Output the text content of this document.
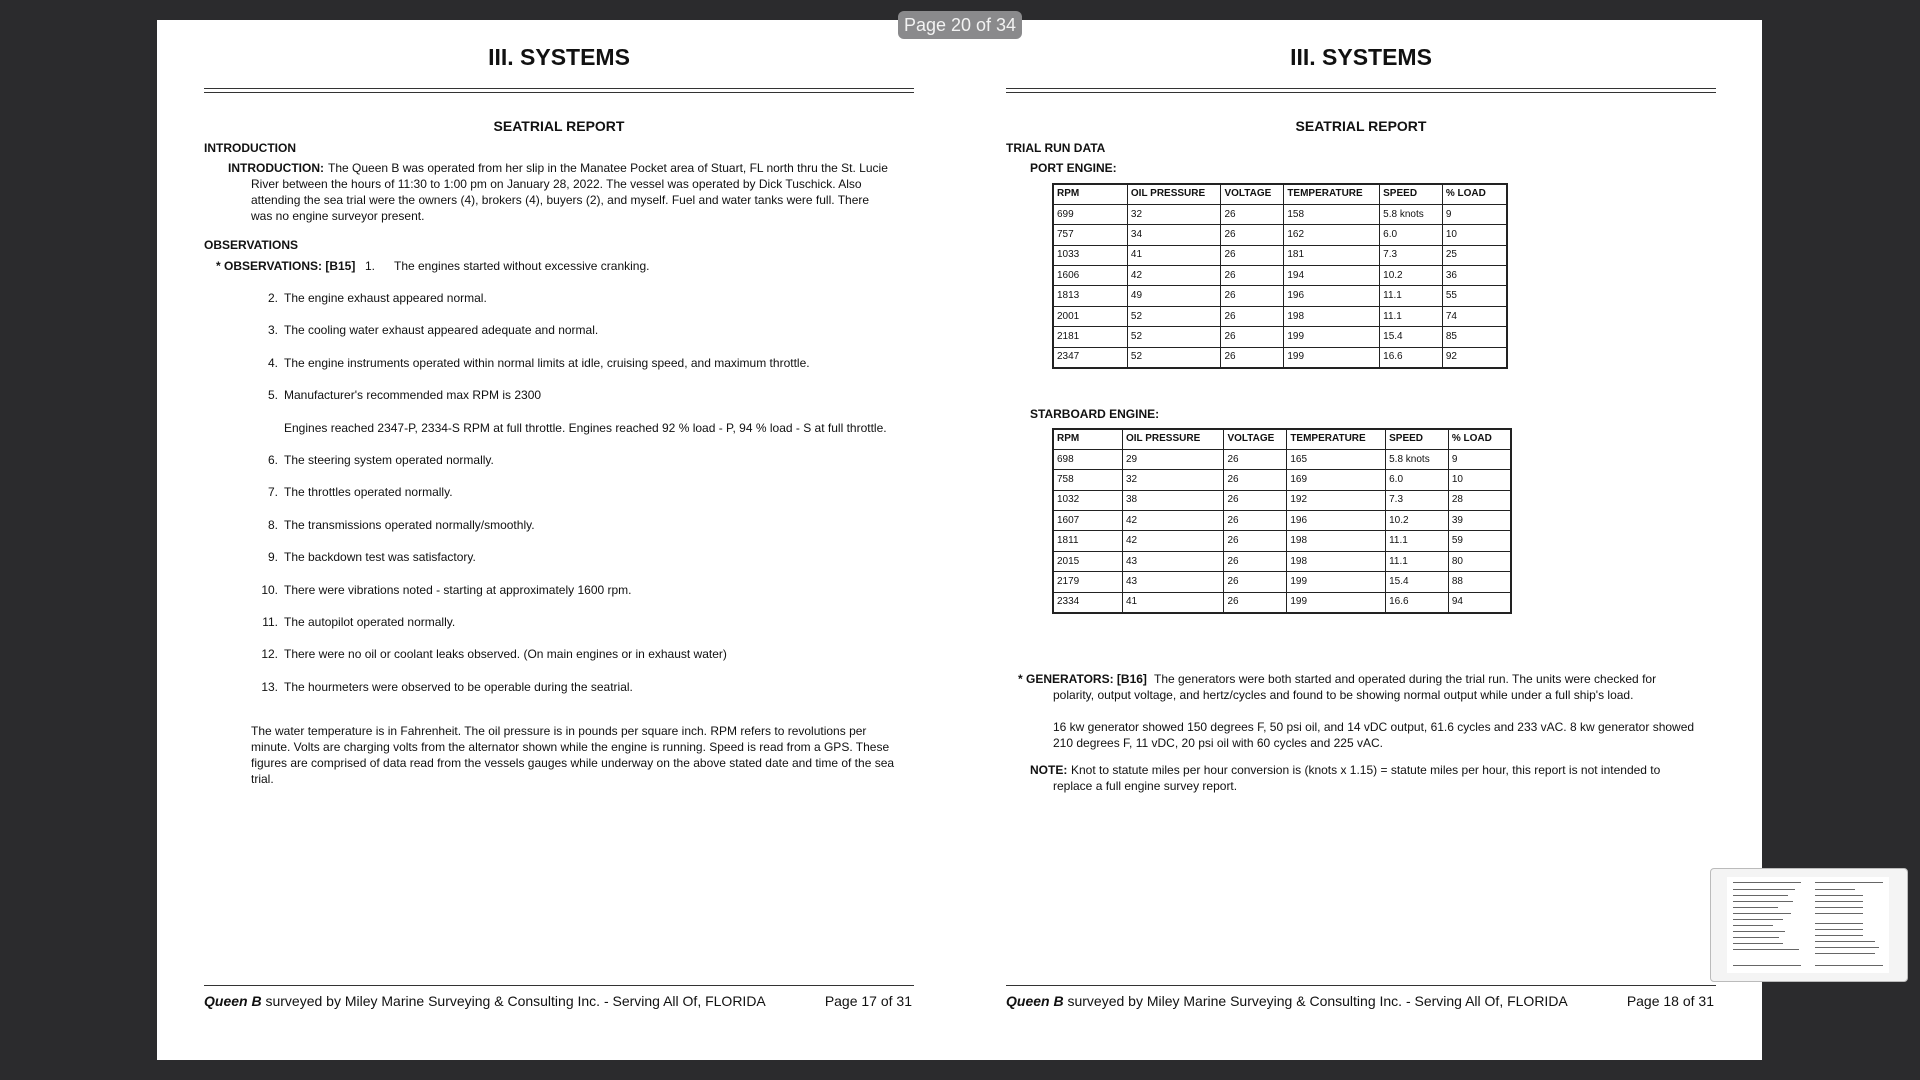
Page 20 of 34
III. SYSTEMS
SEATRIAL REPORT
INTRODUCTION
INTRODUCTION: The Queen B was operated from her slip in the Manatee Pocket area of Stuart, FL north thru the St. Lucie
River between the hours of 11:30 to 1:00 pm on January 28, 2022. The vessel was operated by Dick Tuschick. Also
attending the sea trial were the owners (4), brokers (4), buyers (2), and myself. Fuel and water tanks were full. There
was no engine surveyor present.
OBSERVATIONS
* OBSERVATIONS: [B15] 1. The engines started without excessive cranking.
2. The engine exhaust appeared normal.
3. The cooling water exhaust appeared adequate and normal.
4. The engine instruments operated within normal limits at idle, cruising speed, and maximum throttle.
5. Manufacturer's recommended max RPM is 2300
Engines reached 2347-P, 2334-S RPM at full throttle. Engines reached 92 % load - P, 94 % load - S at full throttle.
6. The steering system operated normally.
7. The throttles operated normally.
8. The transmissions operated normally/smoothly.
9. The backdown test was satisfactory.
10. There were vibrations noted - starting at approximately 1600 rpm.
11. The autopilot operated normally.
12. There were no oil or coolant leaks observed. (On main engines or in exhaust water)
13. The hourmeters were observed to be operable during the seatrial.
The water temperature is in Fahrenheit. The oil pressure is in pounds per square inch. RPM refers to revolutions per
minute. Volts are charging volts from the alternator shown while the engine is running. Speed is read from a GPS. These
figures are comprised of data read from the vessels gauges while underway on the above stated date and time of the sea
trial.
Queen B surveyed by Miley Marine Surveying & Consulting Inc. - Serving All Of, FLORIDA	Page 17 of 31
III. SYSTEMS
SEATRIAL REPORT
TRIAL RUN DATA
PORT ENGINE:
RPM	OIL PRESSURE	VOLTAGE	TEMPERATURE	SPEED	% LOAD
699	32	26	158	5.8 knots	9
757	34	26	162	6.0	10
1033	41	26	181	7.3	25
1606	42	26	194	10.2	36
1813	49	26	196	11.1	55
2001	52	26	198	11.1	74
2181	52	26	199	15.4	85
2347	52	26	199	16.6	92
STARBOARD ENGINE:
RPM	OIL PRESSURE	VOLTAGE	TEMPERATURE	SPEED	% LOAD
698	29	26	165	5.8 knots	9
758	32	26	169	6.0	10
1032	38	26	192	7.3	28
1607	42	26	196	10.2	39
1811	42	26	198	11.1	59
2015	43	26	198	11.1	80
2179	43	26	199	15.4	88
2334	41	26	199	16.6	94
* GENERATORS: [B16] The generators were both started and operated during the trial run. The units were checked for
polarity, output voltage, and hertz/cycles and found to be showing normal output while under a full ship's load.
16 kw generator showed 150 degrees F, 50 psi oil, and 14 vDC output, 61.6 cycles and 233 vAC. 8 kw generator showed
210 degrees F, 11 vDC, 20 psi oil with 60 cycles and 225 vAC.
NOTE: Knot to statute miles per hour conversion is (knots x 1.15) = statute miles per hour, this report is not intended to
replace a full engine survey report.
Queen B surveyed by Miley Marine Surveying & Consulting Inc. - Serving All Of, FLORIDA	Page 18 of 31
